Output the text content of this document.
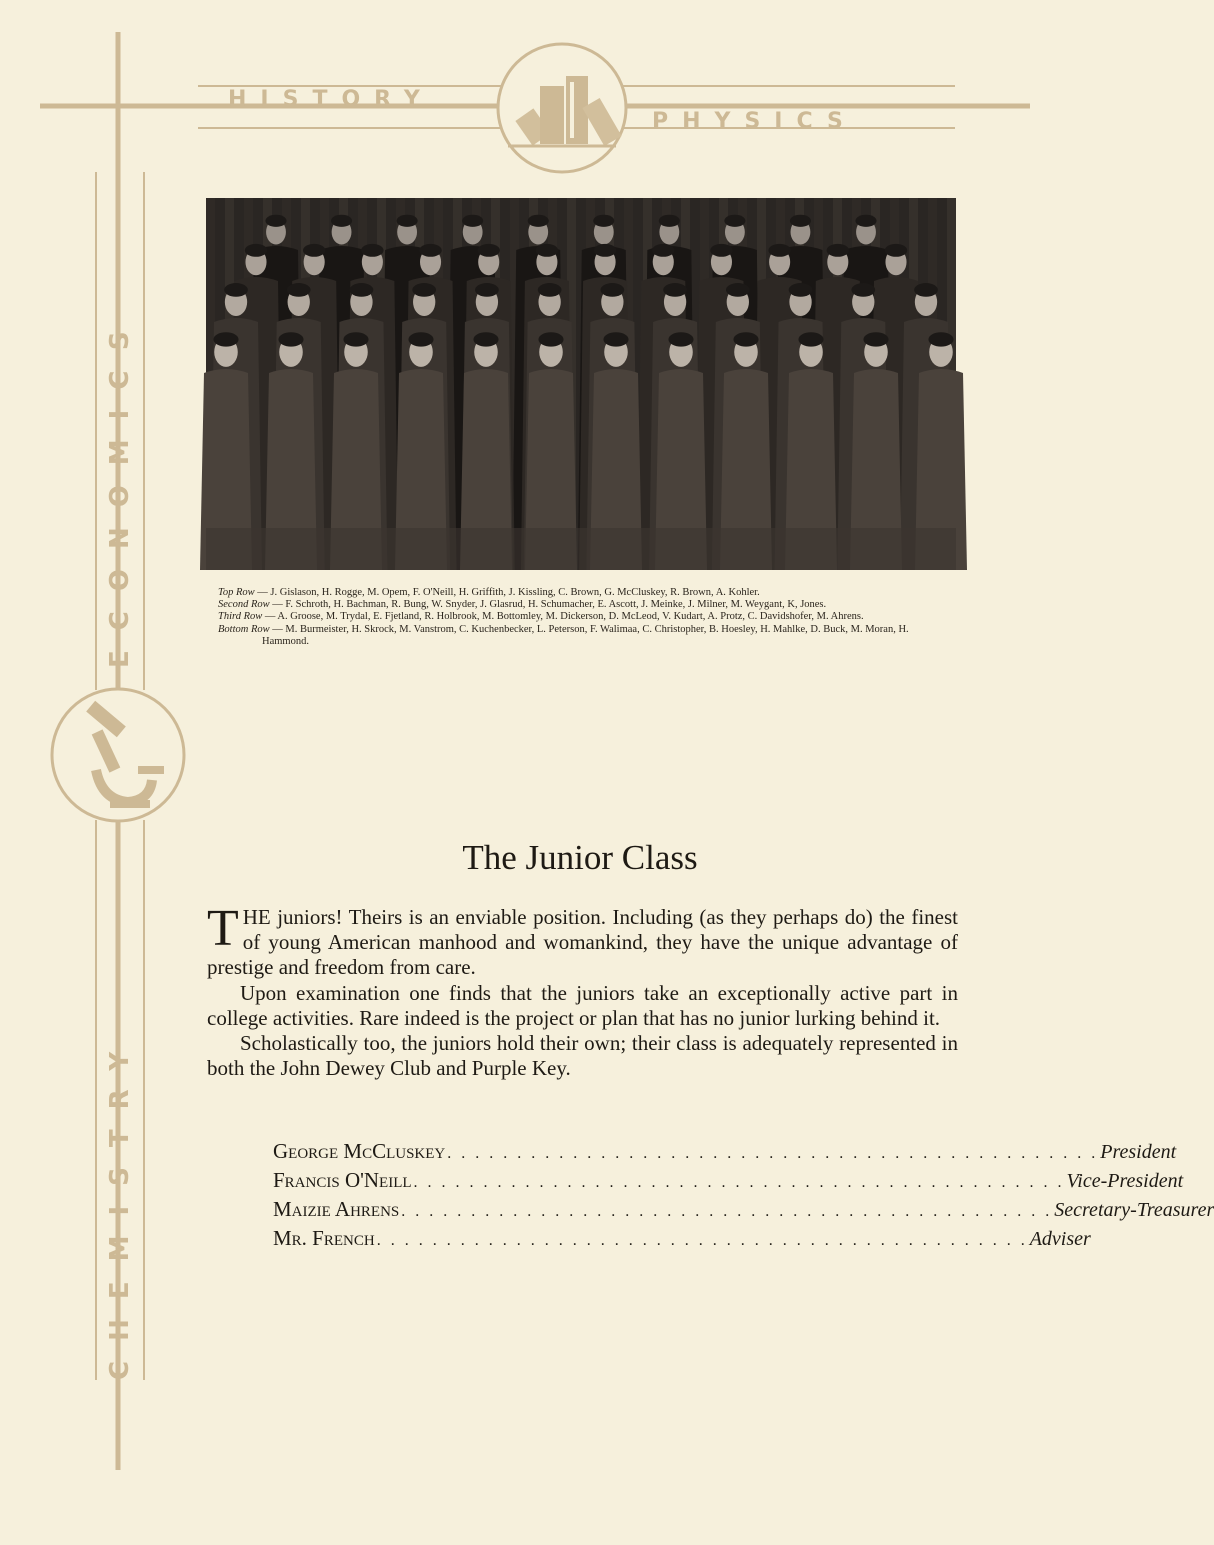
HISTORY
PHYSICS
ECONOMICS
CHEMISTRY
Top Row — J. Gislason, H. Rogge, M. Opem, F. O'Neill, H. Griffith, J. Kissling, C. Brown, G. McCluskey, R. Brown, A. Kohler.
Second Row — F. Schroth, H. Bachman, R. Bung, W. Snyder, J. Glasrud, H. Schumacher, E. Ascott, J. Meinke, J. Milner, M. Weygant, K, Jones.
Third Row — A. Groose, M. Trydal, E. Fjetland, R. Holbrook, M. Bottomley, M. Dickerson, D. McLeod, V. Kudart, A. Protz, C. Davidshofer, M. Ahrens.
Bottom Row — M. Burmeister, H. Skrock, M. Vanstrom, C. Kuchenbecker, L. Peterson, F. Walimaa, C. Christopher, B. Hoesley, H. Mahlke, D. Buck, M. Moran, H. Hammond.
The Junior Class

THE juniors! Theirs is an enviable position. Including (as they perhaps do) the finest of young American manhood and womankind, they have the unique advantage of prestige and freedom from care.

Upon examination one finds that the juniors take an exceptionally active part in college activities. Rare indeed is the project or plan that has no junior lurking behind it.

Scholastically too, the juniors hold their own; their class is adequately represented in both the John Dewey Club and Purple Key.

George McCluskey . . . . . . . . . . . . . . . . . . . . . . . . . . . . . . . . . . . . . . . . . . . . . . . President
Francis O'Neill . . . . . . . . . . . . . . . . . . . . . . . . . . . . . . . . . . . . . . . . . . . . . . . Vice-President
Maizie Ahrens . . . . . . . . . . . . . . . . . . . . . . . . . . . . . . . . . . . . . . . . . . . . . . . Secretary-Treasurer
Mr. French . . . . . . . . . . . . . . . . . . . . . . . . . . . . . . . . . . . . . . . . . . . . . . . Adviser
